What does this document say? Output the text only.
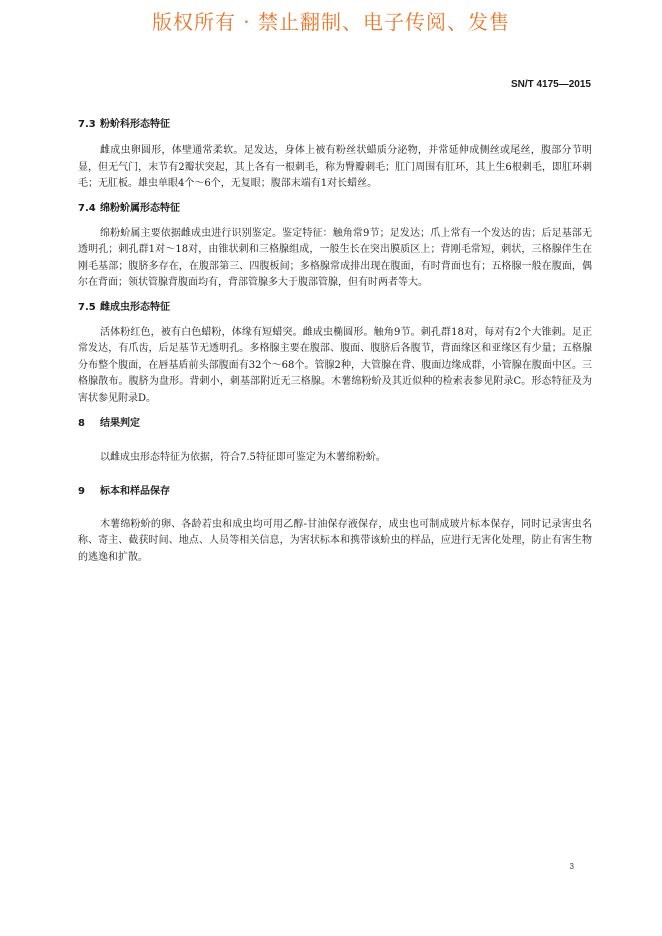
版权所有 · 禁止翻制、电子传阅、发售
SN/T 4175—2015
7.3 粉蚧科形态特征

雌成虫卵圆形，体壁通常柔软。足发达，身体上被有粉丝状蜡质分泌物，并常延伸成侧丝或尾丝，腹部分节明显，但无气门，末节有2瓣状突起，其上各有一根刺毛，称为臀瓣刺毛；肛门周围有肛环，其上生6根刺毛，即肛环刺毛；无肛板。雄虫单眼4个～6个，无复眼；腹部末端有1对长蜡丝。

7.4 绵粉蚧属形态特征

绵粉蚧属主要依据雌成虫进行识别鉴定。鉴定特征：触角常9节；足发达；爪上常有一个发达的齿；后足基部无透明孔；刺孔群1对～18对，由锥状刺和三格腺组成，一般生长在突出膜质区上；背刚毛常短，刺状，三格腺伴生在刚毛基部；腹脐多存在，在腹部第三、四腹板间；多格腺常成排出现在腹面，有时背面也有；五格腺一般在腹面，偶尔在背面；领状管腺背腹面均有，背部管腺多大于腹部管腺，但有时两者等大。

7.5 雌成虫形态特征

活体粉红色，被有白色蜡粉，体缘有短蜡突。雌成虫椭圆形。触角9节。刺孔群18对，每对有2个大锥刺。足正常发达，有爪齿，后足基节无透明孔。多格腺主要在腹部、腹面、腹脐后各腹节，背面缘区和亚缘区有少量；五格腺分布整个腹面，在唇基盾前头部腹面有32个～68个。管腺2种，大管腺在背、腹面边缘成群，小管腺在腹面中区。三格腺散布。腹脐为盘形。背刺小，刺基部附近无三格腺。木薯绵粉蚧及其近似种的检索表参见附录C。形态特征及为害状参见附录D。

8 结果判定

以雌成虫形态特征为依据，符合7.5特征即可鉴定为木薯绵粉蚧。

9 标本和样品保存

木薯绵粉蚧的卵、各龄若虫和成虫均可用乙醇-甘油保存液保存，成虫也可制成玻片标本保存，同时记录害虫名称、寄主、截获时间、地点、人员等相关信息，为害状标本和携带该蚧虫的样品，应进行无害化处理，防止有害生物的逃逸和扩散。

3
